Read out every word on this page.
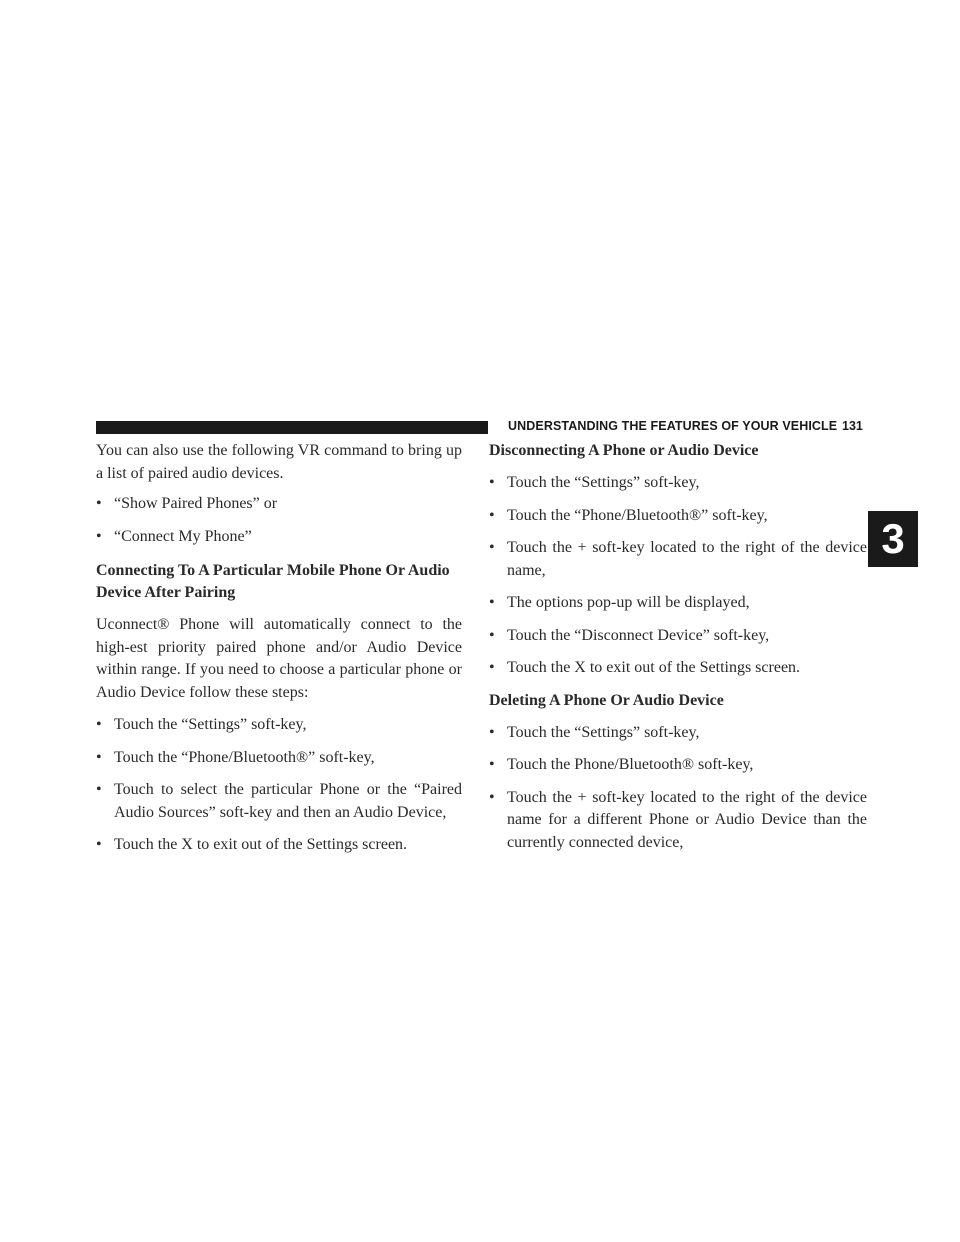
UNDERSTANDING THE FEATURES OF YOUR VEHICLE 131
3

You can also use the following VR command to bring up a list of paired audio devices.

• “Show Paired Phones” or
• “Connect My Phone”
Connecting To A Particular Mobile Phone Or Audio Device After Pairing

Uconnect® Phone will automatically connect to the high-est priority paired phone and/or Audio Device within range. If you need to choose a particular phone or Audio Device follow these steps:

• Touch the “Settings” soft-key,
• Touch the “Phone/Bluetooth®” soft-key,
• Touch to select the particular Phone or the “Paired Audio Sources” soft-key and then an Audio Device,
• Touch the X to exit out of the Settings screen.
Disconnecting A Phone or Audio Device
• Touch the “Settings” soft-key,
• Touch the “Phone/Bluetooth®” soft-key,
• Touch the + soft-key located to the right of the device name,
• The options pop-up will be displayed,
• Touch the “Disconnect Device” soft-key,
• Touch the X to exit out of the Settings screen.
Deleting A Phone Or Audio Device
• Touch the “Settings” soft-key,
• Touch the Phone/Bluetooth® soft-key,
• Touch the + soft-key located to the right of the device name for a different Phone or Audio Device than the currently connected device,
